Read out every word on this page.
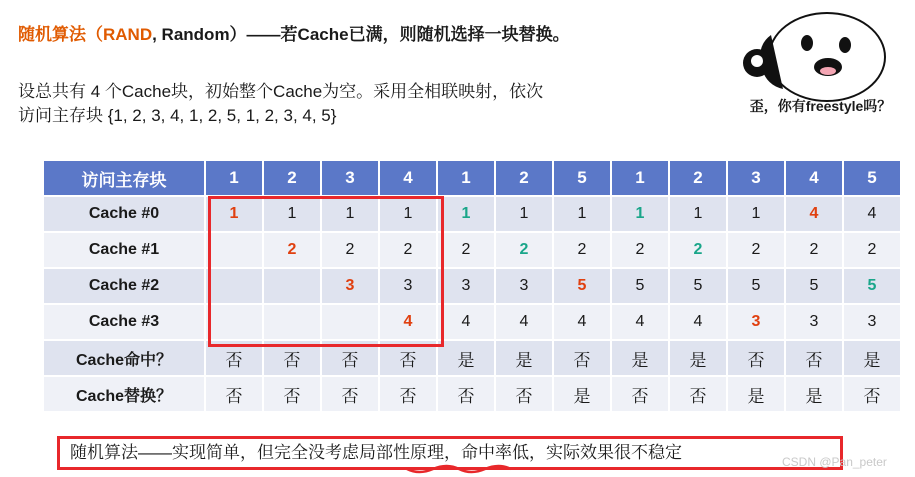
随机算法（RAND, Random）——若Cache已满，则随机选择一块替换。
设总共有 4 个Cache块，初始整个Cache为空。采用全相联映射，依次
访问主存块 {1, 2, 3, 4, 1, 2, 5, 1, 2, 3, 4, 5}	歪，你有freestyle吗？
访问主存块	1	2	3	4	1	2	5	1	2	3	4	5
Cache #0	1	1	1	1	1	1	1	1	1	1	4	4
Cache #1		2	2	2	2	2	2	2	2	2	2	2
Cache #2			3	3	3	3	5	5	5	5	5	5
Cache #3				4	4	4	4	4	4	3	3	3
Cache命中？	否	否	否	否	是	是	否	是	是	否	否	是
Cache替换？	否	否	否	否	否	否	是	否	否	是	是	否
随机算法——实现简单，但完全没考虑局部性原理，命中率低，实际效果很不稳定	CSDN @Pan_peter
